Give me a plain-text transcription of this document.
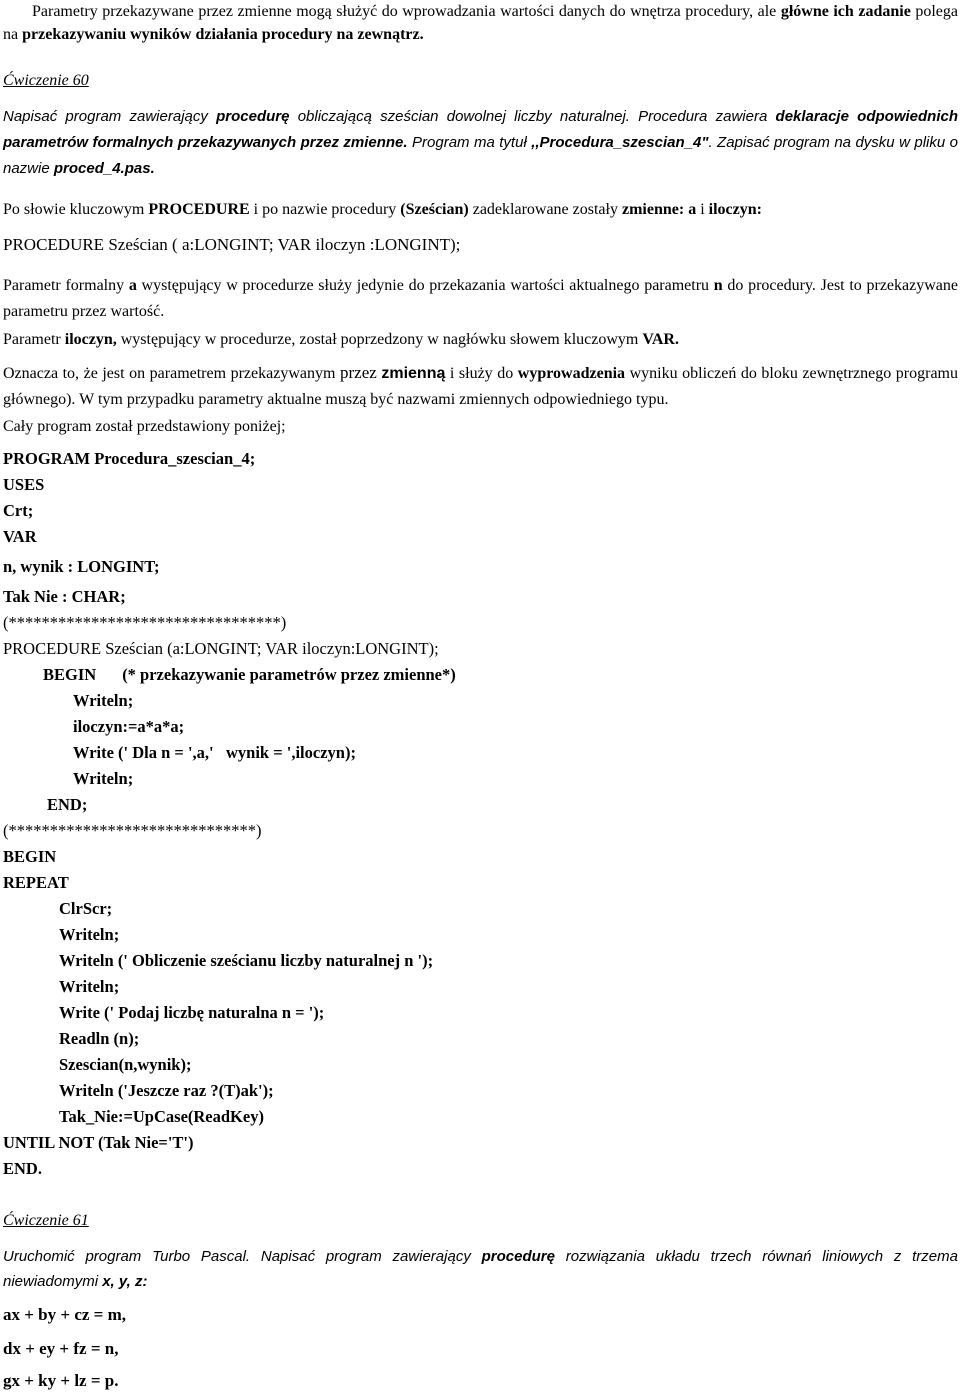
Parametry przekazywane przez zmienne mogą służyć do wprowadzania wartości danych do wnętrza procedury, ale główne ich zadanie polega na przekazywaniu wyników działania procedury na zewnątrz.

Ćwiczenie 60

Napisać program zawierający procedurę obliczającą sześcian dowolnej liczby naturalnej. Procedura zawiera deklaracje odpowiednich parametrów formalnych przekazywanych przez zmienne. Program ma tytuł ,,Procedura_szescian_4". Zapisać program na dysku w pliku o nazwie proced_4.pas.

Po słowie kluczowym PROCEDURE i po nazwie procedury (Sześcian) zadeklarowane zostały zmienne: a i iloczyn:

PROCEDURE Sześcian ( a:LONGINT; VAR iloczyn :LONGINT);

Parametr formalny a występujący w procedurze służy jedynie do przekazania wartości aktualnego parametru n do procedury. Jest to przekazywane parametru przez wartość.

Parametr iloczyn, występujący w procedurze, został poprzedzony w nagłówku słowem kluczowym VAR.

Oznacza to, że jest on parametrem przekazywanym przez zmienną i służy do wyprowadzenia wyniku obliczeń do bloku zewnętrznego programu głównego). W tym przypadku parametry aktualne muszą być nazwami zmiennych odpowiedniego typu.

Cały program został przedstawiony poniżej;

PROGRAM Procedura_szescian_4;

USES

Crt;

VAR

n, wynik : LONGINT;

Tak Nie : CHAR;

(*********************************)

PROCEDURE Sześcian (a:LONGINT; VAR iloczyn:LONGINT);

BEGIN (* przekazywanie parametrów przez zmienne*)

Writeln;

iloczyn:=a*a*a;

Write (' Dla n = ',a,'   wynik = ',iloczyn);

Writeln;

END;

(******************************)

BEGIN

REPEAT

ClrScr;

Writeln;

Writeln (' Obliczenie sześcianu liczby naturalnej n ');

Writeln;

Write (' Podaj liczbę naturalna n = ');

Readln (n);

Szescian(n,wynik);

Writeln ('Jeszcze raz ?(T)ak');

Tak_Nie:=UpCase(ReadKey)

UNTIL NOT (Tak Nie='T')

END.

Ćwiczenie 61

Uruchomić program Turbo Pascal. Napisać program zawierający procedurę rozwiązania układu trzech równań liniowych z trzema niewiadomymi x, y, z:

ax + by + cz = m,

dx + ey + fz = n,

gx + ky + lz = p.
